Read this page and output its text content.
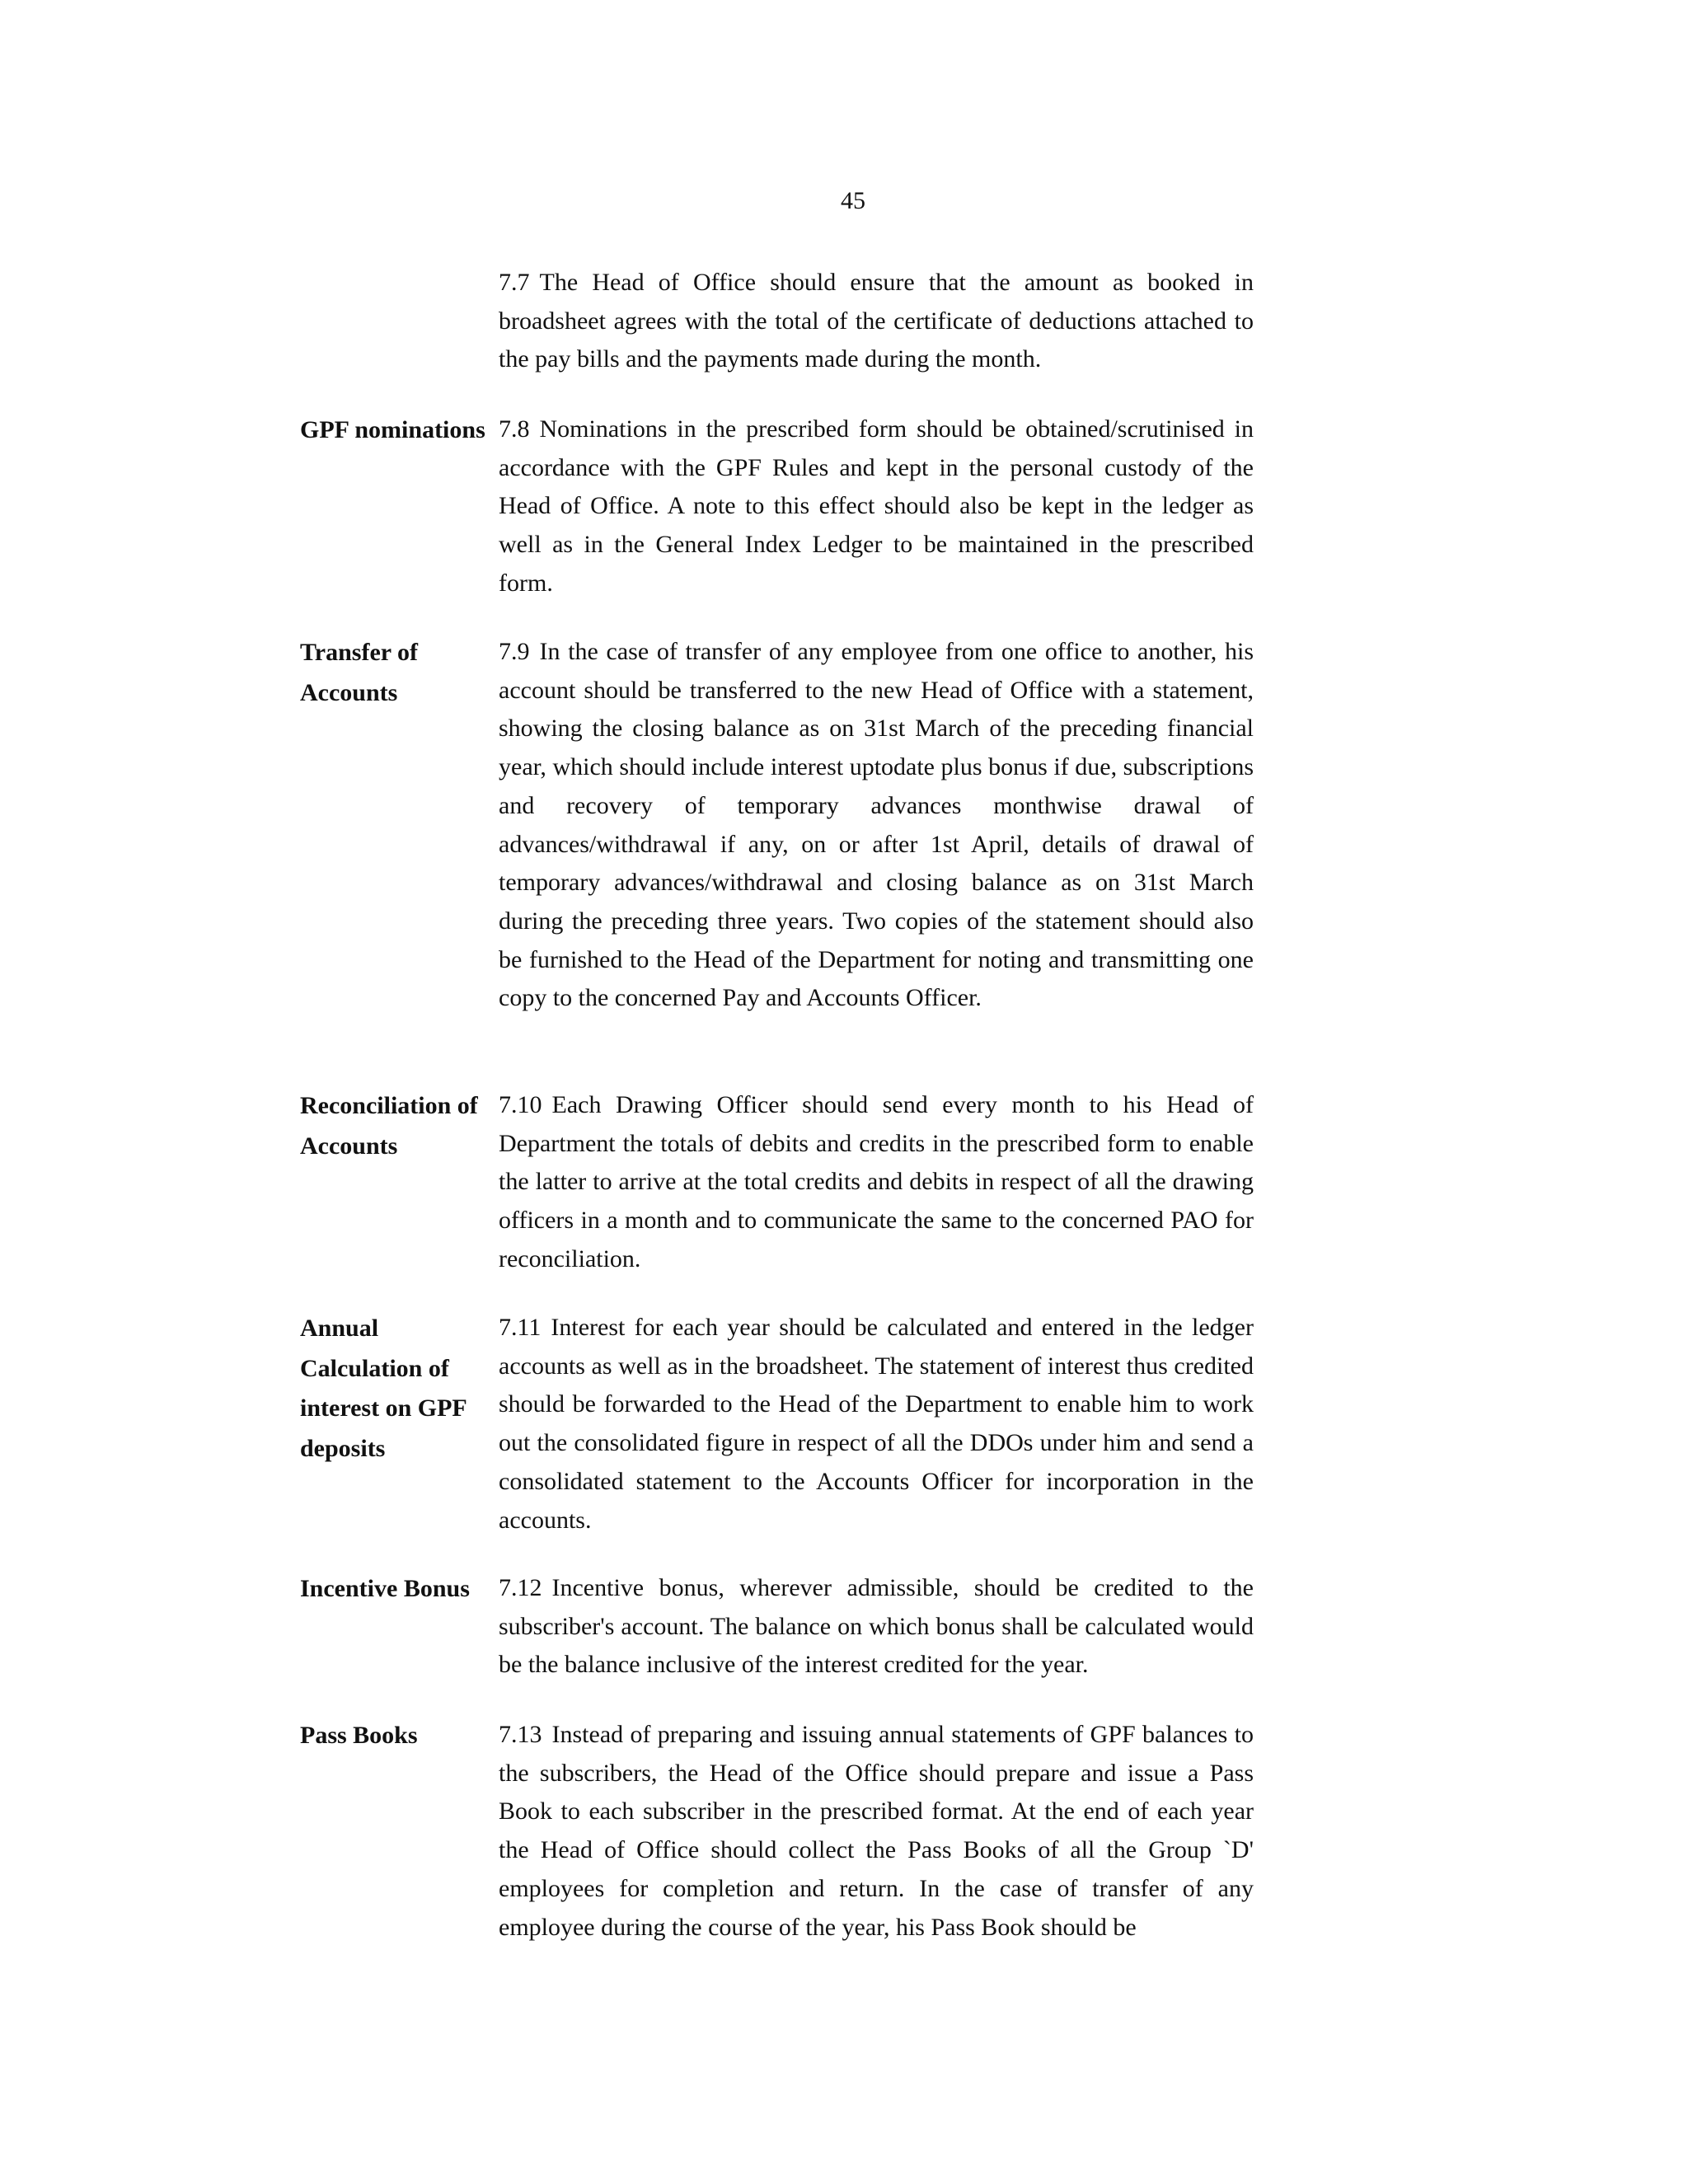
45
7.7 The Head of Office should ensure that the amount as booked in broadsheet agrees with the total of the certificate of deductions attached to the pay bills and the payments made during the month.
GPF nominations 7.8 Nominations in the prescribed form should be obtained/scrutinised in accordance with the GPF Rules and kept in the personal custody of the Head of Office. A note to this effect should also be kept in the ledger as well as in the General Index Ledger to be maintained in the prescribed form.
Transfer of Accounts
7.9 In the case of transfer of any employee from one office to another, his account should be transferred to the new Head of Office with a statement, showing the closing balance as on 31st March of the preceding financial year, which should include interest uptodate plus bonus if due, subscriptions and recovery of temporary advances monthwise drawal of advances/withdrawal if any, on or after 1st April, details of drawal of temporary advances/withdrawal and closing balance as on 31st March during the preceding three years. Two copies of the statement should also be furnished to the Head of the Department for noting and transmitting one copy to the concerned Pay and Accounts Officer.
Reconciliation of Accounts
7.10 Each Drawing Officer should send every month to his Head of Department the totals of debits and credits in the prescribed form to enable the latter to arrive at the total credits and debits in respect of all the drawing officers in a month and to communicate the same to the concerned PAO for reconciliation.
Annual Calculation of interest on GPF deposits
7.11 Interest for each year should be calculated and entered in the ledger accounts as well as in the broadsheet. The statement of interest thus credited should be forwarded to the Head of the Department to enable him to work out the consolidated figure in respect of all the DDOs under him and send a consolidated statement to the Accounts Officer for incorporation in the accounts.
Incentive Bonus	7.12 Incentive bonus, wherever admissible, should be credited to the subscriber's account. The balance on which bonus shall be calculated would be the balance inclusive of the interest credited for the year.
Pass Books	7.13 Instead of preparing and issuing annual statements of GPF balances to the subscribers, the Head of the Office should prepare and issue a Pass Book to each subscriber in the prescribed format. At the end of each year the Head of Office should collect the Pass Books of all the Group `D' employees for completion and return. In the case of transfer of any employee during the course of the year, his Pass Book should be
